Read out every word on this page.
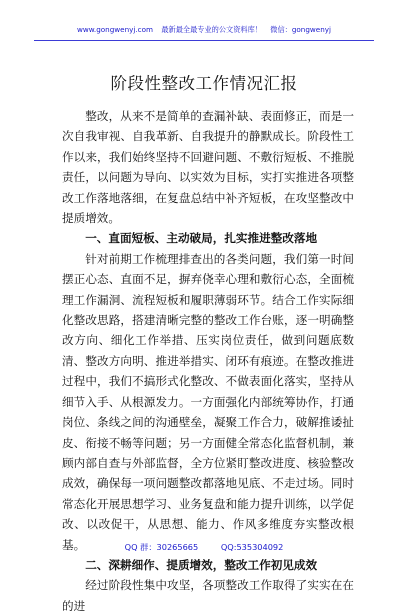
www.gongwenyj.com 最新最全最专业的公文资料库！ 微信：gongwenyj
阶段性整改工作情况汇报

整改，从来不是简单的查漏补缺、表面修正，而是一次自我审视、自我革新、自我提升的静默成长。阶段性工作以来，我们始终坚持不回避问题、不敷衍短板、不推脱责任，以问题为导向、以实效为目标，实打实推进各项整改工作落地落细，在复盘总结中补齐短板，在攻坚整改中提质增效。

一、直面短板、主动破局，扎实推进整改落地

针对前期工作梳理排查出的各类问题，我们第一时间摆正心态、直面不足，摒弃侥幸心理和敷衍心态，全面梳理工作漏洞、流程短板和履职薄弱环节。结合工作实际细化整改思路，搭建清晰完整的整改工作台账，逐一明确整改方向、细化工作举措、压实岗位责任，做到问题底数清、整改方向明、推进举措实、闭环有痕迹。在整改推进过程中，我们不搞形式化整改、不做表面化落实，坚持从细节入手、从根源发力。一方面强化内部统筹协作，打通岗位、条线之间的沟通壁垒，凝聚工作合力，破解推诿扯皮、衔接不畅等问题；另一方面健全常态化监督机制，兼顾内部自查与外部监督，全方位紧盯整改进度、核验整改成效，确保每一项问题整改都落地见底、不走过场。同时常态化开展思想学习、业务复盘和能力提升训练，以学促改、以改促干，从思想、能力、作风多维度夯实整改根基。

二、深耕细作、提质增效，整改工作初见成效

经过阶段性集中攻坚，各项整改工作取得了实实在在的进

QQ 群：30265665	QQ:535304092
